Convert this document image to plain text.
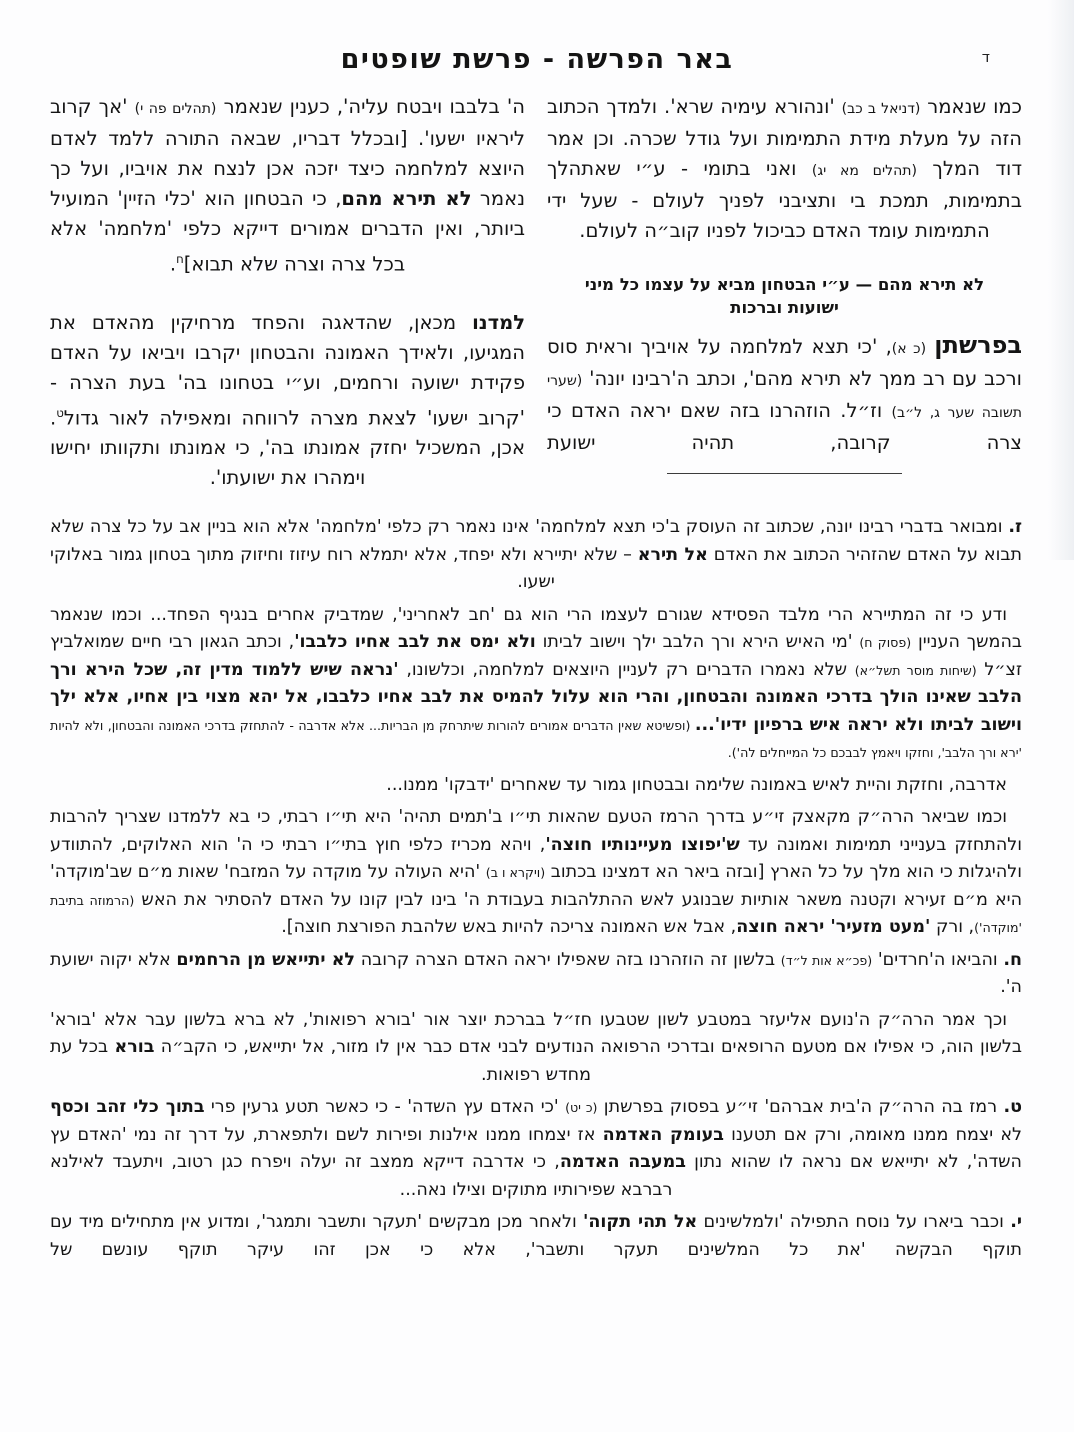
ד
באר הפרשה - פרשת שופטים

כמו שנאמר (דניאל ב כב) 'ונהורא עימיה שרא'. ולמדך הכתוב הזה על מעלת מידת התמימות ועל גודל שכרה. וכן אמר דוד המלך (תהלים מא יג) ואני בתומי - ע״י שאתהלך בתמימות, תמכת בי ותציבני לפניך לעולם - שעל ידי התמימות עומד האדם כביכול לפניו קוב״ה לעולם.

לא תירא מהם — ע״י הבטחון מביא על עצמו כל מיני ישועות וברכות

בפרשתן (כ א), 'כי תצא למלחמה על אויביך וראית סוס ורכב עם רב ממך לא תירא מהם', וכתב ה'רבינו יונה' (שערי תשובה שער ג, ל״ב) וז״ל. הוזהרנו בזה שאם יראה האדם כי צרה קרובה, תהיה ישועת

ה' בלבבו ויבטח עליה', כענין שנאמר (תהלים פה י) 'אך קרוב ליראיו ישעו'. [ובכלל דבריו, שבאה התורה ללמד לאדם היוצא למלחמה כיצד יזכה אכן לנצח את אויביו, ועל כך נאמר לא תירא מהם, כי הבטחון הוא 'כלי הזיין' המועיל ביותר, ואין הדברים אמורים דייקא כלפי 'מלחמה' אלא בכל צרה וצרה שלא תבוא]$^ח$.

למדנו מכאן, שהדאגה והפחד מרחיקין מהאדם את המגיעו, ולאידך האמונה והבטחון יקרבו ויביאו על האדם פקידת ישועה ורחמים, וע״י בטחונו בה' בעת הצרה - 'קרוב ישעו' לצאת מצרה לרווחה ומאפילה לאור גדול$^ט$. אכן, המשכיל יחזק אמונתו בה', כי אמונתו ותקוותו יחישו וימהרו את ישועתו'.

ז. ומבואר בדברי רבינו יונה, שכתוב זה העוסק ב'כי תצא למלחמה' אינו נאמר רק כלפי 'מלחמה' אלא הוא בניין אב על כל צרה שלא תבוא על האדם שהזהיר הכתוב את האדם אל תירא – שלא יתיירא ולא יפחד, אלא יתמלא רוח עיזוז וחיזוק מתוך בטחון גמור באלוקי ישעו.

ודע כי זה המתיירא הרי מלבד הפסידא שגורם לעצמו הרי הוא גם 'חב לאחריני', שמדביק אחרים בנגיף הפחד... וכמו שנאמר בהמשך העניין (פסוק ח) 'מי האיש הירא ורך הלבב ילך וישוב לביתו ולא ימס את לבב אחיו כלבבו', וכתב הגאון רבי חיים שמואלביץ זצ״ל (שיחות מוסר תשל״א) שלא נאמרו הדברים רק לעניין היוצאים למלחמה, וכלשונו, 'נראה שיש ללמוד מדין זה, שכל הירא ורך הלבב שאינו הולך בדרכי האמונה והבטחון, והרי הוא עלול להמיס את לבב אחיו כלבבו, אל יהא מצוי בין אחיו, אלא ילך וישוב לביתו ולא יראה איש ברפיון ידיו'... (ופשיטא שאין הדברים אמורים להורות שיתרחק מן הבריות... אלא אדרבה - להתחזק בדרכי האמונה והבטחון, ולא להיות 'ירא ורך הלבב', וחזקו ויאמץ לבבכם כל המייחלים לה').

אדרבה, וחזקת והיית לאיש באמונה שלימה ובבטחון גמור עד שאחרים 'ידבקו' ממנו...

וכמו שביאר הרה״ק מקאצק זי״ע בדרך הרמז הטעם שהאות תי״ו ב'תמים תהיה' היא תי״ו רבתי, כי בא ללמדנו שצריך להרבות ולהתחזק בענייני תמימות ואמונה עד ש'יפוצו מעיינותיו חוצה', ויהא מכריז כלפי חוץ בתי״ו רבתי כי ה' הוא האלוקים, להתוודע ולהיגלות כי הוא מלך על כל הארץ [ובזה ביאר הא דמצינו בכתוב (ויקרא ו ב) 'היא העולה על מוקדה על המזבח' שאות מ״ם שב'מוקדה' היא מ״ם זעירא וקטנה משאר אותיות שבנוגע לאש ההתלהבות בעבודת ה' בינו לבין קונו על האדם להסתיר את האש (הרמוזה בתיבת 'מוקדה'), ורק 'מעט מזעיר' יראה חוצה, אבל אש האמונה צריכה להיות באש שלהבת הפורצת חוצה].

ח. והביאו ה'חרדים' (פכ״א אות ל״ד) בלשון זה הוזהרנו בזה שאפילו יראה האדם הצרה קרובה לא יתייאש מן הרחמים אלא יקוה ישועת ה'.

וכך אמר הרה״ק ה'נועם אליעזר במטבע לשון שטבעו חז״ל בברכת יוצר אור 'בורא רפואות', לא ברא בלשון עבר אלא 'בורא' בלשון הוה, כי אפילו אם מטעם הרופאים ובדרכי הרפואה הנודעים לבני אדם כבר אין לו מזור, אל יתייאש, כי הקב״ה בורא בכל עת מחדש רפואות.

ט. רמז בה הרה״ק ה'בית אברהם' זי״ע בפסוק בפרשתן (כ יט) 'כי האדם עץ השדה' - כי כאשר תטע גרעין פרי בתוך כלי זהב וכסף לא יצמח ממנו מאומה, ורק אם תטענו בעומק האדמה אז יצמחו ממנו אילנות ופירות לשם ולתפארת, על דרך זה נמי 'האדם עץ השדה', לא יתייאש אם נראה לו שהוא נתון במעבה האדמה, כי אדרבה דייקא ממצב זה יעלה ויפרח כגן רטוב, ויתעבד לאילנא רברבא שפירותיו מתוקים וצילו נאה...

י. וכבר ביארו על נוסח התפילה 'ולמלשינים אל תהי תקוה' ולאחר מכן מבקשים 'תעקר ותשבר ותמגר', ומדוע אין מתחילים מיד עם תוקף הבקשה 'את כל המלשינים תעקר ותשבר', אלא כי אכן זהו עיקר תוקף עונשם של
